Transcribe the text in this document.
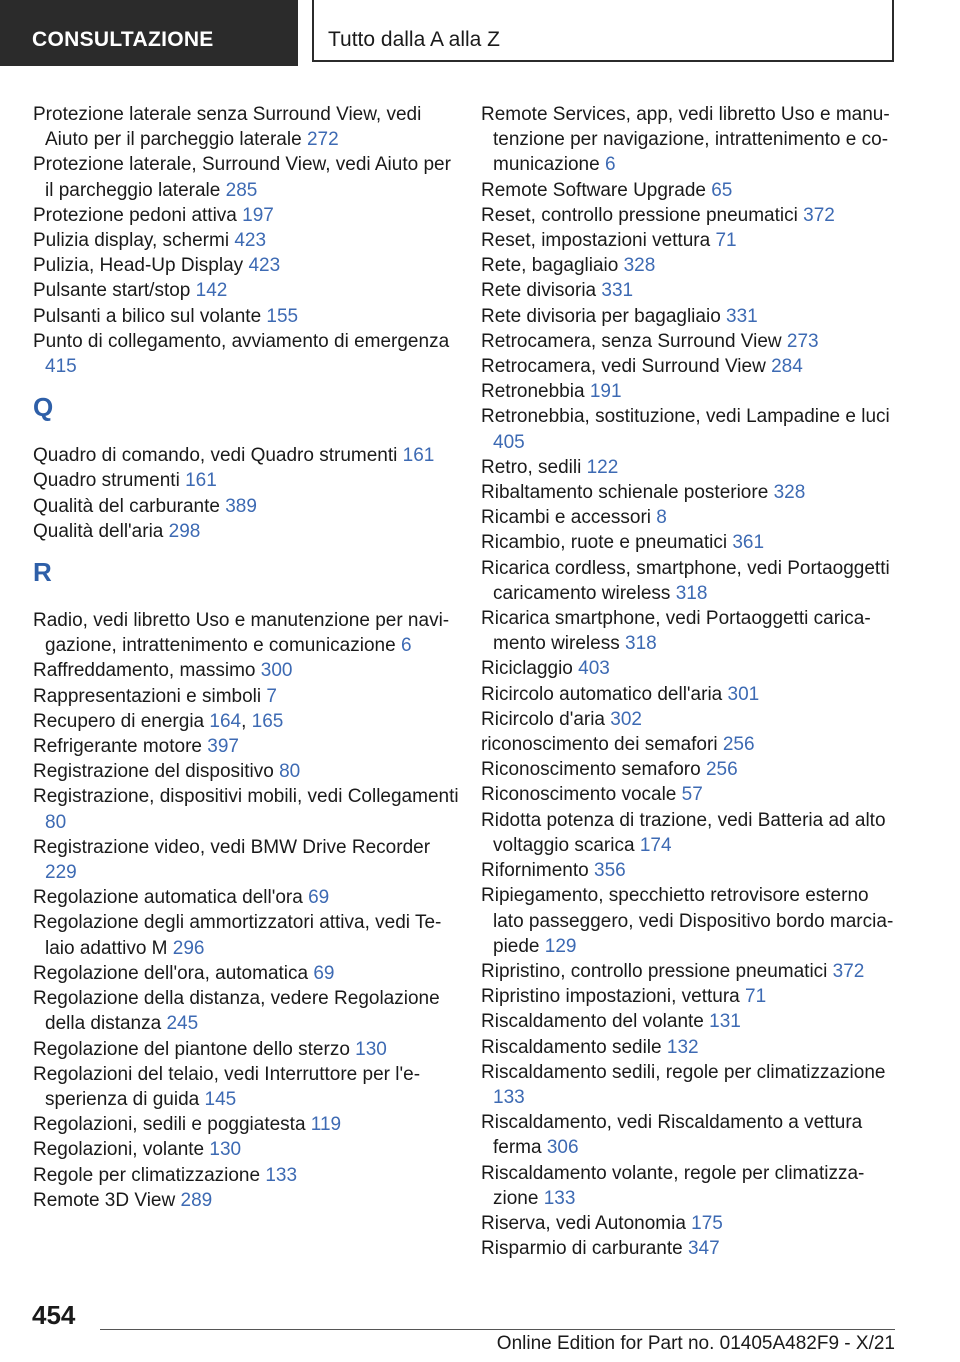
CONSULTAZIONE	Tutto dalla A alla Z
Protezione laterale senza Surround View, vedi Aiuto per il parcheggio laterale 272
Protezione laterale, Surround View, vedi Aiuto per il parcheggio laterale 285
Protezione pedoni attiva 197
Pulizia display, schermi 423
Pulizia, Head-Up Display 423
Pulsante start/stop 142
Pulsanti a bilico sul volante 155
Punto di collegamento, avviamento di emergenza 415
Q
Quadro di comando, vedi Quadro strumenti 161
Quadro strumenti 161
Qualità del carburante 389
Qualità dell'aria 298
R
Radio, vedi libretto Uso e manutenzione per navigazione, intrattenimento e comunicazione 6
Raffreddamento, massimo 300
Rappresentazioni e simboli 7
Recupero di energia 164, 165
Refrigerante motore 397
Registrazione del dispositivo 80
Registrazione, dispositivi mobili, vedi Collegamenti 80
Registrazione video, vedi BMW Drive Recorder 229
Regolazione automatica dell'ora 69
Regolazione degli ammortizzatori attiva, vedi Telaio adattivo M 296
Regolazione dell'ora, automatica 69
Regolazione della distanza, vedere Regolazione della distanza 245
Regolazione del piantone dello sterzo 130
Regolazioni del telaio, vedi Interruttore per l'esperienza di guida 145
Regolazioni, sedili e poggiatesta 119
Regolazioni, volante 130
Regole per climatizzazione 133
Remote 3D View 289
Remote Services, app, vedi libretto Uso e manutenzione per navigazione, intrattenimento e comunicazione 6
Remote Software Upgrade 65
Reset, controllo pressione pneumatici 372
Reset, impostazioni vettura 71
Rete, bagagliaio 328
Rete divisoria 331
Rete divisoria per bagagliaio 331
Retrocamera, senza Surround View 273
Retrocamera, vedi Surround View 284
Retronebbia 191
Retronebbia, sostituzione, vedi Lampadine e luci 405
Retro, sedili 122
Ribaltamento schienale posteriore 328
Ricambi e accessori 8
Ricambio, ruote e pneumatici 361
Ricarica cordless, smartphone, vedi Portaoggetti caricamento wireless 318
Ricarica smartphone, vedi Portaoggetti caricamento wireless 318
Riciclaggio 403
Ricircolo automatico dell'aria 301
Ricircolo d'aria 302
riconoscimento dei semafori 256
Riconoscimento semaforo 256
Riconoscimento vocale 57
Ridotta potenza di trazione, vedi Batteria ad alto voltaggio scarica 174
Rifornimento 356
Ripiegamento, specchietto retrovisore esterno lato passeggero, vedi Dispositivo bordo marciapiede 129
Ripristino, controllo pressione pneumatici 372
Ripristino impostazioni, vettura 71
Riscaldamento del volante 131
Riscaldamento sedile 132
Riscaldamento sedili, regole per climatizzazione 133
Riscaldamento, vedi Riscaldamento a vettura ferma 306
Riscaldamento volante, regole per climatizzazione 133
Riserva, vedi Autonomia 175
Risparmio di carburante 347
454
Online Edition for Part no. 01405A482F9 - X/21
